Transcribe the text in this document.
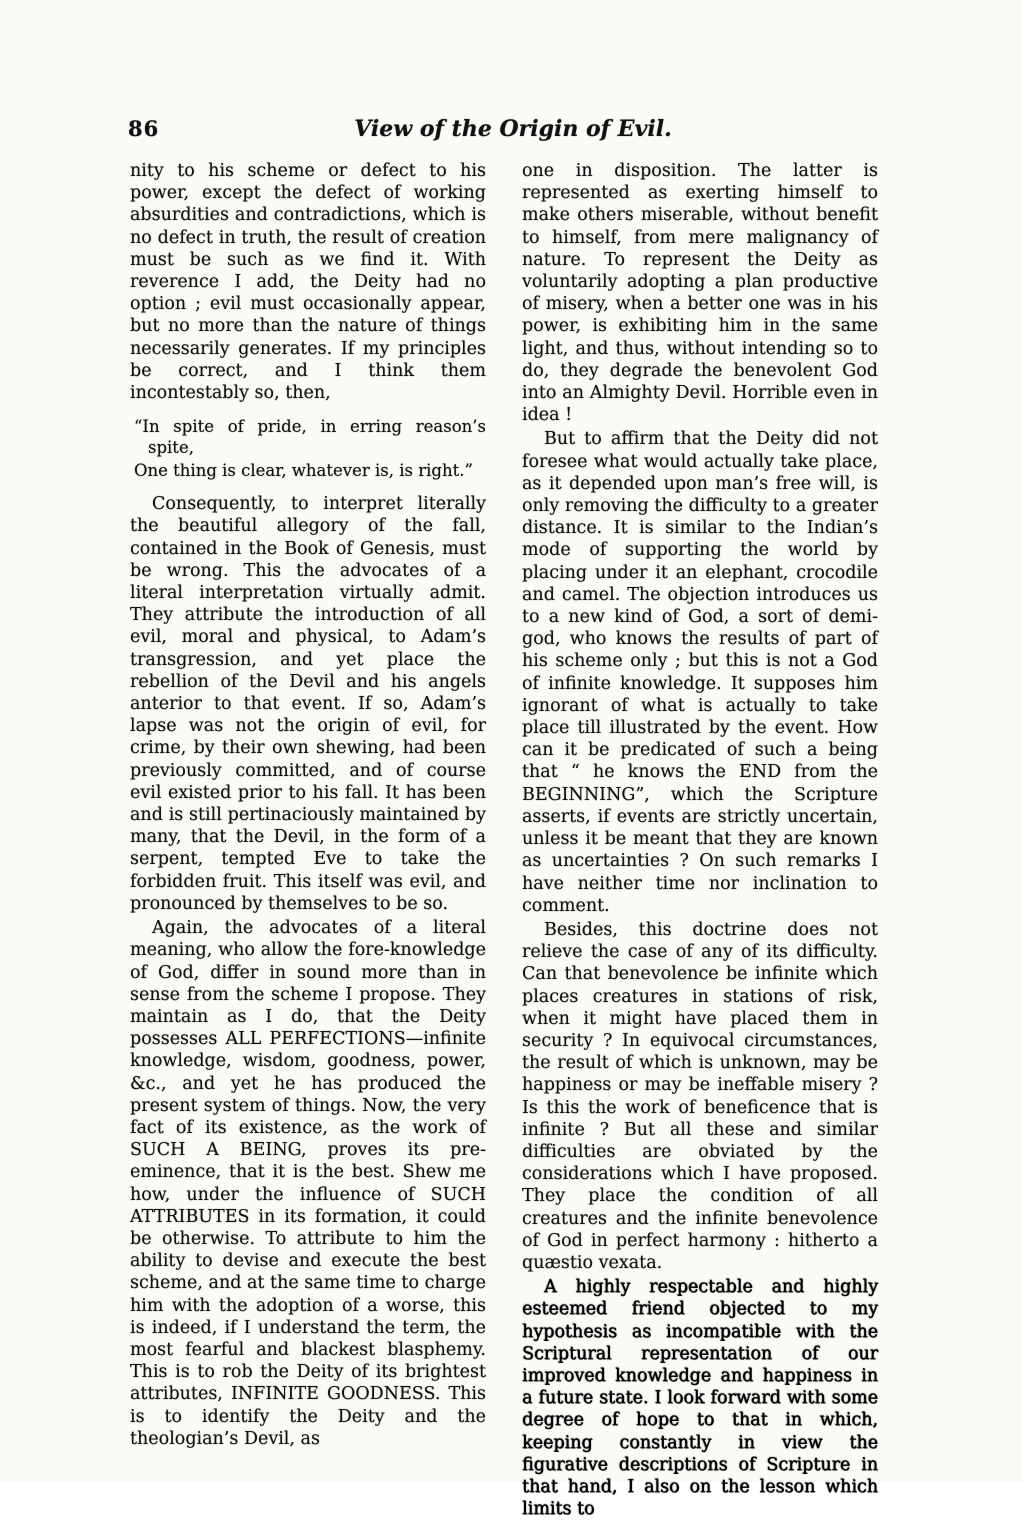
86	View of the Origin of Evil.

nity to his scheme or defect to his power, except the defect of working absurdities and contradictions, which is no defect in truth, the result of creation must be such as we find it. With reverence I add, the Deity had no option ; evil must occasionally appear, but no more than the nature of things necessarily generates. If my principles be correct, and I think them incontestably so, then,

“In spite of pride, in erring reason’s spite,
One thing is clear, whatever is, is right.”

Consequently, to interpret literally the beautiful allegory of the fall, contained in the Book of Genesis, must be wrong. This the advocates of a literal interpretation virtually admit. They attribute the introduction of all evil, moral and physical, to Adam’s transgression, and yet place the rebellion of the Devil and his angels anterior to that event. If so, Adam’s lapse was not the origin of evil, for crime, by their own shewing, had been previously committed, and of course evil existed prior to his fall. It has been and is still pertinaciously maintained by many, that the Devil, in the form of a serpent, tempted Eve to take the forbidden fruit. This itself was evil, and pronounced by themselves to be so.

Again, the advocates of a literal meaning, who allow the fore-knowledge of God, differ in sound more than in sense from the scheme I propose. They maintain as I do, that the Deity possesses ALL PERFECTIONS—infinite knowledge, wisdom, goodness, power, &c., and yet he has produced the present system of things. Now, the very fact of its existence, as the work of SUCH A BEING, proves its pre-eminence, that it is the best. Shew me how, under the influence of SUCH ATTRIBUTES in its formation, it could be otherwise. To attribute to him the ability to devise and execute the best scheme, and at the same time to charge him with the adoption of a worse, this is indeed, if I understand the term, the most fearful and blackest blasphemy. This is to rob the Deity of its brightest attributes, INFINITE GOODNESS. This is to identify the Deity and the theologian’s Devil, as

one in disposition. The latter is represented as exerting himself to make others miserable, without benefit to himself, from mere malignancy of nature. To represent the Deity as voluntarily adopting a plan productive of misery, when a better one was in his power, is exhibiting him in the same light, and thus, without intending so to do, they degrade the benevolent God into an Almighty Devil. Horrible even in idea !

But to affirm that the Deity did not foresee what would actually take place, as it depended upon man’s free will, is only removing the difficulty to a greater distance. It is similar to the Indian’s mode of supporting the world by placing under it an elephant, crocodile and camel. The objection introduces us to a new kind of God, a sort of demi-god, who knows the results of part of his scheme only ; but this is not a God of infinite knowledge. It supposes him ignorant of what is actually to take place till illustrated by the event. How can it be predicated of such a being that “ he knows the END from the BEGINNING”, which the Scripture asserts, if events are strictly uncertain, unless it be meant that they are known as uncertainties ? On such remarks I have neither time nor inclination to comment.

Besides, this doctrine does not relieve the case of any of its difficulty. Can that benevolence be infinite which places creatures in stations of risk, when it might have placed them in security ? In equivocal circumstances, the result of which is unknown, may be happiness or may be ineffable misery ? Is this the work of beneficence that is infinite ? But all these and similar difficulties are obviated by the considerations which I have proposed. They place the condition of all creatures and the infinite benevolence of God in perfect harmony : hitherto a quæstio vexata.

A highly respectable and highly esteemed friend objected to my hypothesis as incompatible with the Scriptural representation of our improved knowledge and happiness in a future state. I look forward with some degree of hope to that in which, keeping constantly in view the figurative descriptions of Scripture in that hand, I also on the lesson which limits to
